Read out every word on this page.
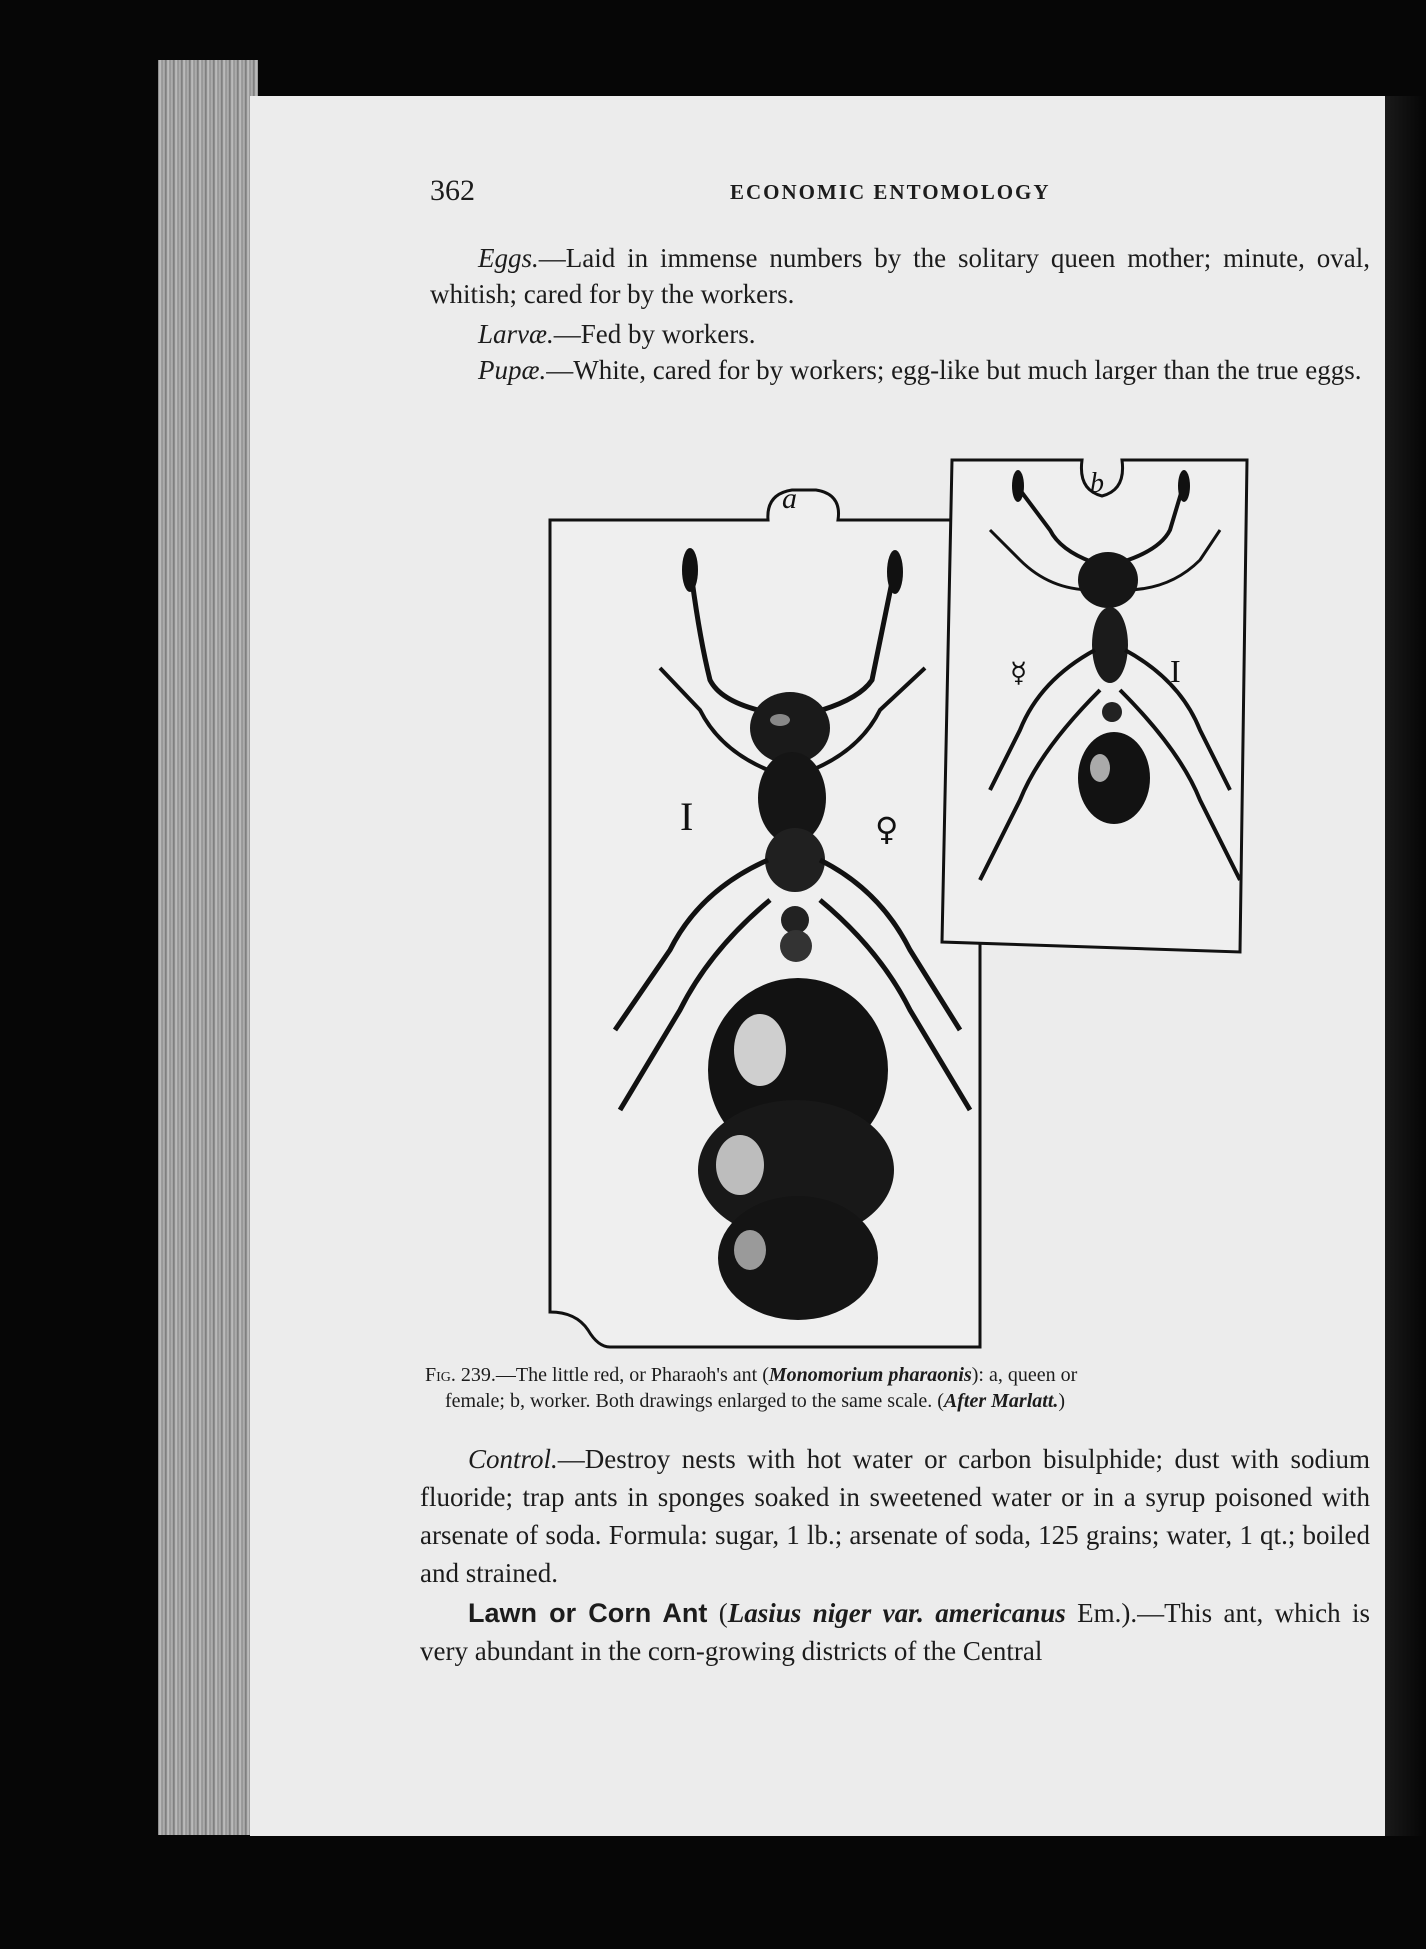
362	ECONOMIC ENTOMOLOGY

Eggs.—Laid in immense numbers by the solitary queen mother; minute, oval, whitish; cared for by the workers.

Larvæ.—Fed by workers.

Pupæ.—White, cared for by workers; egg-like but much larger than the true eggs.

I	♀
a	b
☿	I
Fig. 239.—The little red, or Pharaoh's ant (Monomorium pharaonis): a, queen or
female; b, worker. Both drawings enlarged to the same scale. (After Marlatt.)

Control.—Destroy nests with hot water or carbon bisulphide; dust with sodium fluoride; trap ants in sponges soaked in sweetened water or in a syrup poisoned with arsenate of soda. Formula: sugar, 1 lb.; arsenate of soda, 125 grains; water, 1 qt.; boiled and strained.

Lawn or Corn Ant (Lasius niger var. americanus Em.).—This ant, which is very abundant in the corn-growing districts of the Central
